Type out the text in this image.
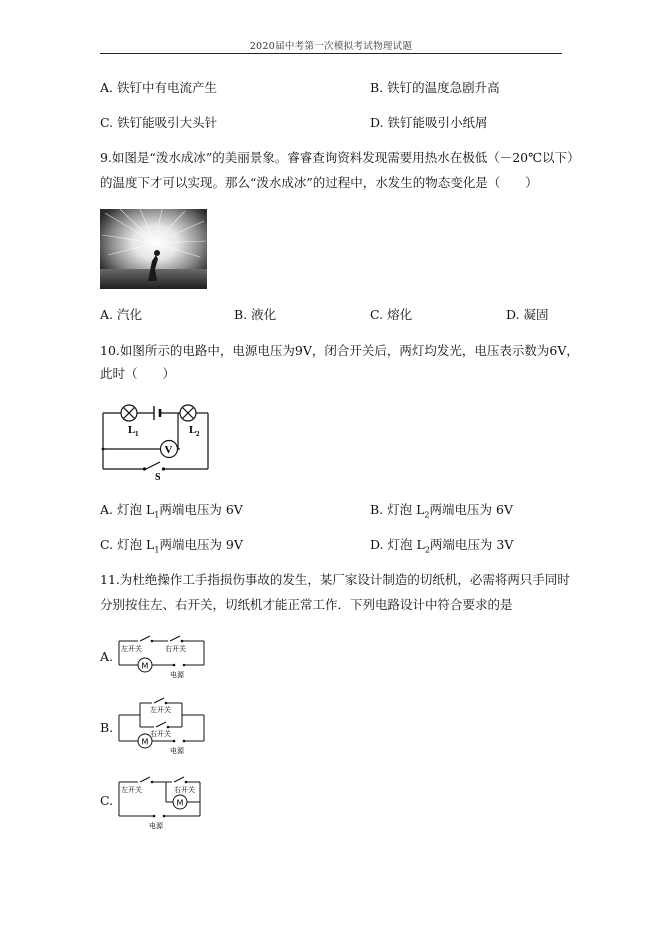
2020届中考第一次模拟考试物理试题
A. 铁钉中有电流产生	B. 铁钉的温度急剧升高
C. 铁钉能吸引大头针	D. 铁钉能吸引小纸屑
9.如图是“泼水成冰”的美丽景象。睿睿查询资料发现需要用热水在极低（－20℃以下）
的温度下才可以实现。那么“泼水成冰”的过程中，水发生的物态变化是（　　）
A. 汽化	B. 液化	C. 熔化	D. 凝固
10.如图所示的电路中，电源电压为9V，闭合开关后，两灯均发光，电压表示数为6V，
此时（　　）
V
L 1	L 2
S
A. 灯泡 $L_1$两端电压为 6V	B. 灯泡 $L_2$两端电压为 6V
C. 灯泡 $L_1$两端电压为 9V	D. 灯泡 $L_2$两端电压为 3V
11.为杜绝操作工手指损伤事故的发生，某厂家设计制造的切纸机，必需将两只手同时
分别按住左、右开关，切纸机才能正常工作．下列电路设计中符合要求的是
A.
M
左开关	右开关
电源
B.
M
左开关
右开关
电源
C.	M
左开关	右开关
电源
